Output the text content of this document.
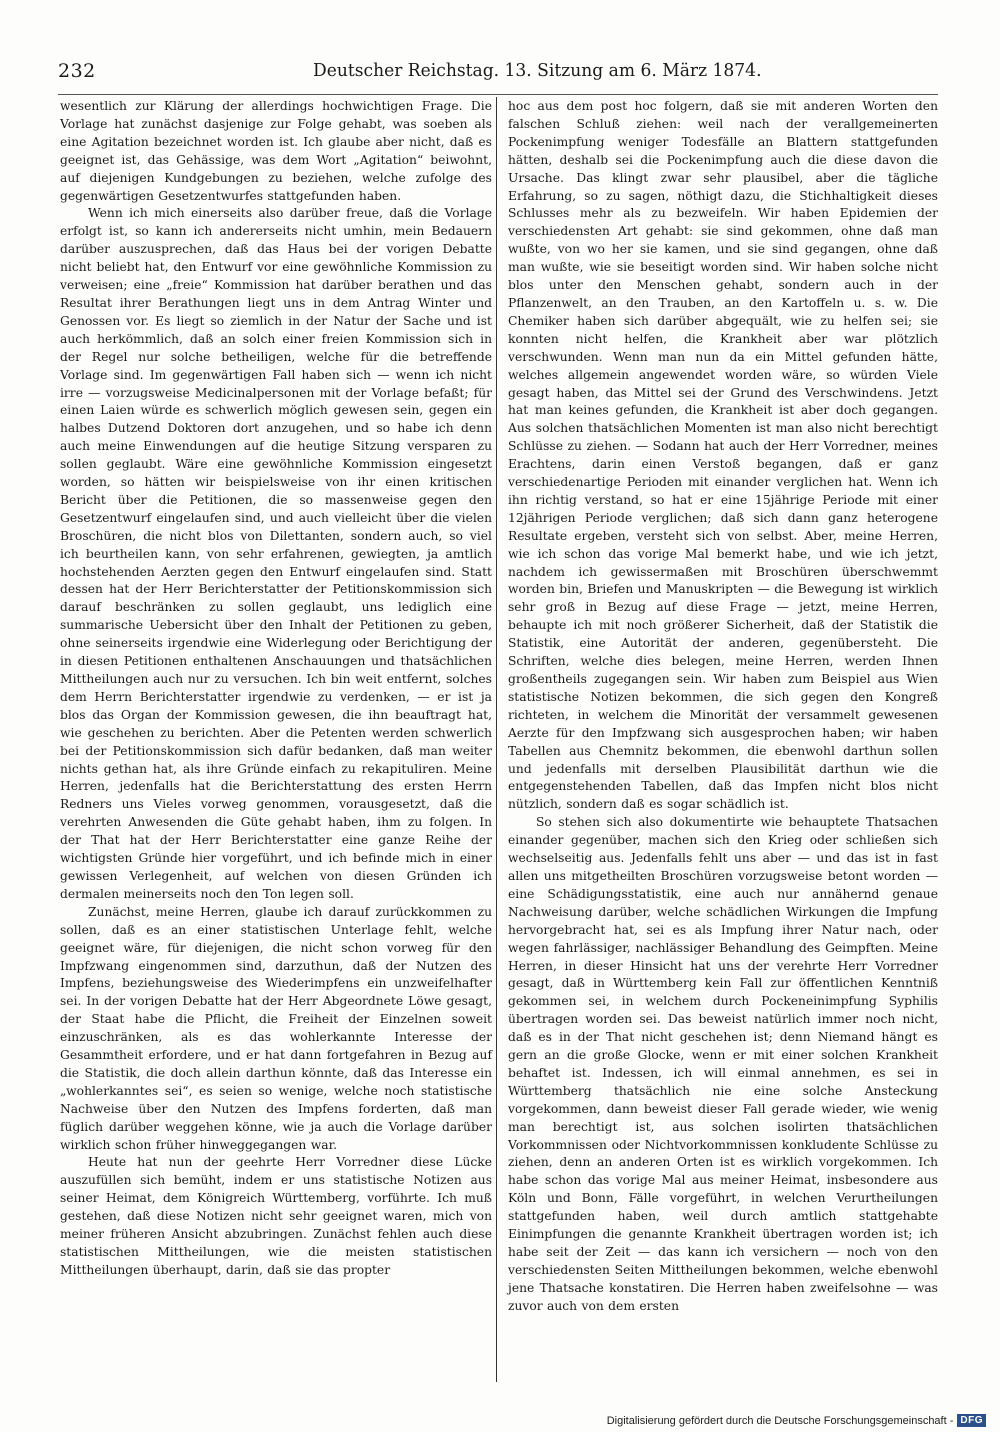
232	Deutscher Reichstag. 13. Sitzung am 6. März 1874.

wesentlich zur Klärung der allerdings hochwichtigen Frage. Die Vorlage hat zunächst dasjenige zur Folge gehabt, was soeben als eine Agitation bezeichnet worden ist. Ich glaube aber nicht, daß es geeignet ist, das Gehässige, was dem Wort „Agitation“ beiwohnt, auf diejenigen Kundgebungen zu beziehen, welche zufolge des gegenwärtigen Gesetzentwurfes stattgefunden haben.

Wenn ich mich einerseits also darüber freue, daß die Vorlage erfolgt ist, so kann ich andererseits nicht umhin, mein Bedauern darüber auszusprechen, daß das Haus bei der vorigen Debatte nicht beliebt hat, den Entwurf vor eine gewöhnliche Kommission zu verweisen; eine „freie“ Kommission hat darüber berathen und das Resultat ihrer Berathungen liegt uns in dem Antrag Winter und Genossen vor. Es liegt so ziemlich in der Natur der Sache und ist auch herkömmlich, daß an solch einer freien Kommission sich in der Regel nur solche betheiligen, welche für die betreffende Vorlage sind. Im gegenwärtigen Fall haben sich — wenn ich nicht irre — vorzugsweise Medicinalpersonen mit der Vorlage befaßt; für einen Laien würde es schwerlich möglich gewesen sein, gegen ein halbes Dutzend Doktoren dort anzugehen, und so habe ich denn auch meine Einwendungen auf die heutige Sitzung versparen zu sollen geglaubt. Wäre eine gewöhnliche Kommission eingesetzt worden, so hätten wir beispielsweise von ihr einen kritischen Bericht über die Petitionen, die so massenweise gegen den Gesetzentwurf eingelaufen sind, und auch vielleicht über die vielen Broschüren, die nicht blos von Dilettanten, sondern auch, so viel ich beurtheilen kann, von sehr erfahrenen, gewiegten, ja amtlich hochstehenden Aerzten gegen den Entwurf eingelaufen sind. Statt dessen hat der Herr Berichterstatter der Petitionskommission sich darauf beschränken zu sollen geglaubt, uns lediglich eine summarische Uebersicht über den Inhalt der Petitionen zu geben, ohne seinerseits irgendwie eine Widerlegung oder Berichtigung der in diesen Petitionen enthaltenen Anschauungen und thatsächlichen Mittheilungen auch nur zu versuchen. Ich bin weit entfernt, solches dem Herrn Berichterstatter irgendwie zu verdenken, — er ist ja blos das Organ der Kommission gewesen, die ihn beauftragt hat, wie geschehen zu berichten. Aber die Petenten werden schwerlich bei der Petitionskommission sich dafür bedanken, daß man weiter nichts gethan hat, als ihre Gründe einfach zu rekapituliren. Meine Herren, jedenfalls hat die Berichterstattung des ersten Herrn Redners uns Vieles vorweg genommen, vorausgesetzt, daß die verehrten Anwesenden die Güte gehabt haben, ihm zu folgen. In der That hat der Herr Berichterstatter eine ganze Reihe der wichtigsten Gründe hier vorgeführt, und ich befinde mich in einer gewissen Verlegenheit, auf welchen von diesen Gründen ich dermalen meinerseits noch den Ton legen soll.

Zunächst, meine Herren, glaube ich darauf zurückkommen zu sollen, daß es an einer statistischen Unterlage fehlt, welche geeignet wäre, für diejenigen, die nicht schon vorweg für den Impfzwang eingenommen sind, darzuthun, daß der Nutzen des Impfens, beziehungsweise des Wiederimpfens ein unzweifelhafter sei. In der vorigen Debatte hat der Herr Abgeordnete Löwe gesagt, der Staat habe die Pflicht, die Freiheit der Einzelnen soweit einzuschränken, als es das wohlerkannte Interesse der Gesammtheit erfordere, und er hat dann fortgefahren in Bezug auf die Statistik, die doch allein darthun könnte, daß das Interesse ein „wohlerkanntes sei“, es seien so wenige, welche noch statistische Nachweise über den Nutzen des Impfens forderten, daß man füglich darüber weggehen könne, wie ja auch die Vorlage darüber wirklich schon früher hinweggegangen war.

Heute hat nun der geehrte Herr Vorredner diese Lücke auszufüllen sich bemüht, indem er uns statistische Notizen aus seiner Heimat, dem Königreich Württemberg, vorführte. Ich muß gestehen, daß diese Notizen nicht sehr geeignet waren, mich von meiner früheren Ansicht abzubringen. Zunächst fehlen auch diese statistischen Mittheilungen, wie die meisten statistischen Mittheilungen überhaupt, darin, daß sie das propter

hoc aus dem post hoc folgern, daß sie mit anderen Worten den falschen Schluß ziehen: weil nach der verallgemeinerten Pockenimpfung weniger Todesfälle an Blattern stattgefunden hätten, deshalb sei die Pockenimpfung auch die diese davon die Ursache. Das klingt zwar sehr plausibel, aber die tägliche Erfahrung, so zu sagen, nöthigt dazu, die Stichhaltigkeit dieses Schlusses mehr als zu bezweifeln. Wir haben Epidemien der verschiedensten Art gehabt: sie sind gekommen, ohne daß man wußte, von wo her sie kamen, und sie sind gegangen, ohne daß man wußte, wie sie beseitigt worden sind. Wir haben solche nicht blos unter den Menschen gehabt, sondern auch in der Pflanzenwelt, an den Trauben, an den Kartoffeln u. s. w. Die Chemiker haben sich darüber abgequält, wie zu helfen sei; sie konnten nicht helfen, die Krankheit aber war plötzlich verschwunden. Wenn man nun da ein Mittel gefunden hätte, welches allgemein angewendet worden wäre, so würden Viele gesagt haben, das Mittel sei der Grund des Verschwindens. Jetzt hat man keines gefunden, die Krankheit ist aber doch gegangen. Aus solchen thatsächlichen Momenten ist man also nicht berechtigt Schlüsse zu ziehen. — Sodann hat auch der Herr Vorredner, meines Erachtens, darin einen Verstoß begangen, daß er ganz verschiedenartige Perioden mit einander verglichen hat. Wenn ich ihn richtig verstand, so hat er eine 15jährige Periode mit einer 12jährigen Periode verglichen; daß sich dann ganz heterogene Resultate ergeben, versteht sich von selbst. Aber, meine Herren, wie ich schon das vorige Mal bemerkt habe, und wie ich jetzt, nachdem ich gewissermaßen mit Broschüren überschwemmt worden bin, Briefen und Manuskripten — die Bewegung ist wirklich sehr groß in Bezug auf diese Frage — jetzt, meine Herren, behaupte ich mit noch größerer Sicherheit, daß der Statistik die Statistik, eine Autorität der anderen, gegenübersteht. Die Schriften, welche dies belegen, meine Herren, werden Ihnen großentheils zugegangen sein. Wir haben zum Beispiel aus Wien statistische Notizen bekommen, die sich gegen den Kongreß richteten, in welchem die Minorität der versammelt gewesenen Aerzte für den Impfzwang sich ausgesprochen haben; wir haben Tabellen aus Chemnitz bekommen, die ebenwohl darthun sollen und jedenfalls mit derselben Plausibilität darthun wie die entgegenstehenden Tabellen, daß das Impfen nicht blos nicht nützlich, sondern daß es sogar schädlich ist.

So stehen sich also dokumentirte wie behauptete Thatsachen einander gegenüber, machen sich den Krieg oder schließen sich wechselseitig aus. Jedenfalls fehlt uns aber — und das ist in fast allen uns mitgetheilten Broschüren vorzugsweise betont worden — eine Schädigungsstatistik, eine auch nur annähernd genaue Nachweisung darüber, welche schädlichen Wirkungen die Impfung hervorgebracht hat, sei es als Impfung ihrer Natur nach, oder wegen fahrlässiger, nachlässiger Behandlung des Geimpften. Meine Herren, in dieser Hinsicht hat uns der verehrte Herr Vorredner gesagt, daß in Württemberg kein Fall zur öffentlichen Kenntniß gekommen sei, in welchem durch Pockeneinimpfung Syphilis übertragen worden sei. Das beweist natürlich immer noch nicht, daß es in der That nicht geschehen ist; denn Niemand hängt es gern an die große Glocke, wenn er mit einer solchen Krankheit behaftet ist. Indessen, ich will einmal annehmen, es sei in Württemberg thatsächlich nie eine solche Ansteckung vorgekommen, dann beweist dieser Fall gerade wieder, wie wenig man berechtigt ist, aus solchen isolirten thatsächlichen Vorkommnissen oder Nichtvorkommnissen konkludente Schlüsse zu ziehen, denn an anderen Orten ist es wirklich vorgekommen. Ich habe schon das vorige Mal aus meiner Heimat, insbesondere aus Köln und Bonn, Fälle vorgeführt, in welchen Verurtheilungen stattgefunden haben, weil durch amtlich stattgehabte Einimpfungen die genannte Krankheit übertragen worden ist; ich habe seit der Zeit — das kann ich versichern — noch von den verschiedensten Seiten Mittheilungen bekommen, welche ebenwohl jene Thatsache konstatiren. Die Herren haben zweifelsohne — was zuvor auch von dem ersten

Digitalisierung gefördert durch die Deutsche Forschungsgemeinschaft - DFG
